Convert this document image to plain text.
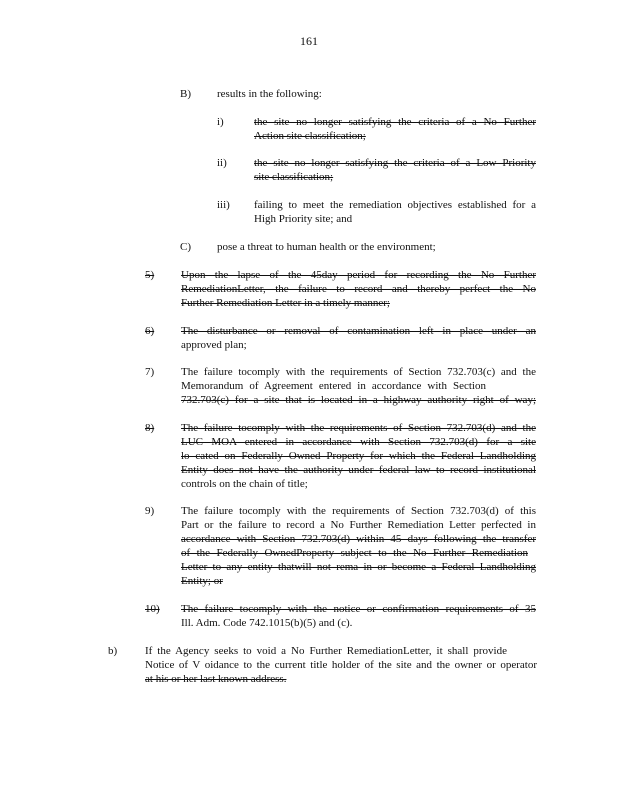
161
B) results in the following:
i)	the site no longer satisfying the criteria of a No Further
Action site classification;
ii) the site no longer satisfying the criteria of a Low Priority
site classification;
iii) failing to meet the remediation objectives established for a
High Priority site; and
C) pose a threat to human health or the environment;
5) Upon the lapse of the 45day period for recording the No Further
RemediationLetter, the failure to record and thereby perfect the No
Further Remediation Letter in a timely manner;
6) The disturbance or removal of contamination left in place under an
approved plan;
7) The failure tocomply with the requirements of Section 732.703(c) and the
Memorandum of Agreement entered in accordance with Section
732.703(c) for a site that is located in a highway authority right of way;
8) The failure tocomply with the requirements of Section 732.703(d) and the
LUC MOA entered in accordance with Section 732.703(d) for a site
lo cated on Federally Owned Property for which the Federal Landholding
Entity does not have the authority under federal law to record institutional
controls on the chain of title;
9) The failure tocomply with the requirements of Section 732.703(d) of this
Part or the failure to record a No Further Remediation Letter perfected in
accordance with Section 732.703(d) within 45 days following the transfer
of the Federally OwnedProperty subject to the No Further Remediation
Letter to any entity thatwill not rema in or become a Federal Landholding
Entity; or
10) The failure tocomply with the notice or confirmation requirements of 35
Ill. Adm. Code 742.1015(b)(5) and (c).
b)	If the Agency seeks to void a No Further RemediationLetter, it shall provide
Notice of V oidance to the current title holder of the site and the owner or operator
at his or her last known address.
